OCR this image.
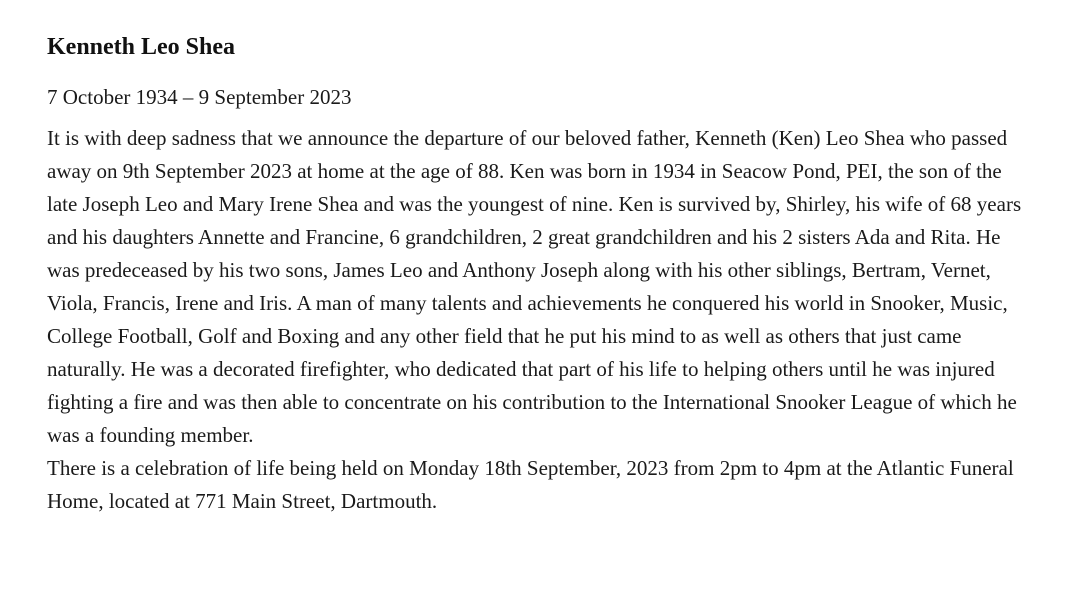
Kenneth Leo Shea

7 October 1934 – 9 September 2023

It is with deep sadness that we announce the departure of our beloved father, Kenneth (Ken) Leo Shea who passed away on 9th September 2023 at home at the age of 88. Ken was born in 1934 in Seacow Pond, PEI, the son of the late Joseph Leo and Mary Irene Shea and was the youngest of nine. Ken is survived by, Shirley, his wife of 68 years and his daughters Annette and Francine, 6 grandchildren, 2 great grandchildren and his 2 sisters Ada and Rita. He was predeceased by his two sons, James Leo and Anthony Joseph along with his other siblings, Bertram, Vernet, Viola, Francis, Irene and Iris. A man of many talents and achievements he conquered his world in Snooker, Music, College Football, Golf and Boxing and any other field that he put his mind to as well as others that just came naturally. He was a decorated firefighter, who dedicated that part of his life to helping others until he was injured fighting a fire and was then able to concentrate on his contribution to the International Snooker League of which he was a founding member.
There is a celebration of life being held on Monday 18th September, 2023 from 2pm to 4pm at the Atlantic Funeral Home, located at 771 Main Street, Dartmouth.
